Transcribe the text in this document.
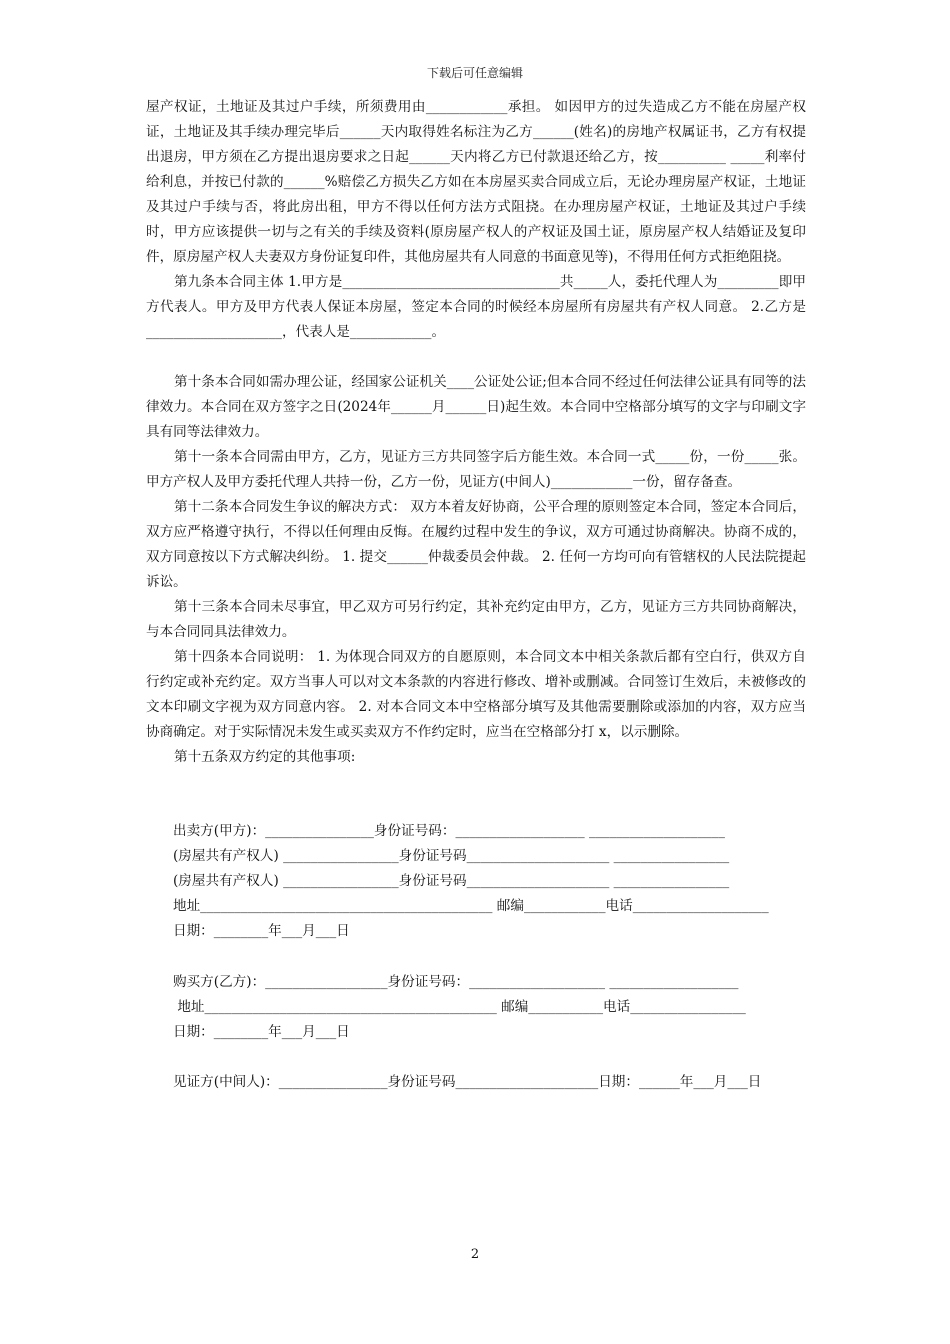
下载后可任意编辑

屋产权证，土地证及其过户手续，所须费用由____________承担。 如因甲方的过失造成乙方不能在房屋产权证，土地证及其手续办理完毕后______天内取得姓名标注为乙方______(姓名)的房地产权属证书，乙方有权提出退房，甲方须在乙方提出退房要求之日起______天内将乙方已付款退还给乙方，按__________ _____利率付给利息，并按已付款的______%赔偿乙方损失乙方如在本房屋买卖合同成立后，无论办理房屋产权证，土地证及其过户手续与否，将此房出租，甲方不得以任何方法方式阻挠。在办理房屋产权证，土地证及其过户手续时，甲方应该提供一切与之有关的手续及资料(原房屋产权人的产权证及国土证，原房屋产权人结婚证及复印件，原房屋产权人夫妻双方身份证复印件，其他房屋共有人同意的书面意见等)，不得用任何方式拒绝阻挠。

第九条本合同主体 1.甲方是________________________________共_____人，委托代理人为_________即甲方代表人。甲方及甲方代表人保证本房屋，签定本合同的时候经本房屋所有房屋共有产权人同意。 2.乙方是____________________，代表人是____________。

第十条本合同如需办理公证，经国家公证机关____公证处公证;但本合同不经过任何法律公证具有同等的法律效力。本合同在双方签字之日(2024年______月______日)起生效。本合同中空格部分填写的文字与印刷文字具有同等法律效力。

第十一条本合同需由甲方，乙方，见证方三方共同签字后方能生效。本合同一式_____份，一份_____张。甲方产权人及甲方委托代理人共持一份，乙方一份，见证方(中间人)____________一份，留存备查。

第十二条本合同发生争议的解决方式： 双方本着友好协商，公平合理的原则签定本合同，签定本合同后，双方应严格遵守执行，不得以任何理由反悔。在履约过程中发生的争议，双方可通过协商解决。协商不成的，双方同意按以下方式解决纠纷。 1. 提交______仲裁委员会仲裁。 2. 任何一方均可向有管辖权的人民法院提起诉讼。

第十三条本合同未尽事宜，甲乙双方可另行约定，其补充约定由甲方，乙方，见证方三方共同协商解决，与本合同同具法律效力。

第十四条本合同说明： 1. 为体现合同双方的自愿原则，本合同文本中相关条款后都有空白行，供双方自行约定或补充约定。双方当事人可以对文本条款的内容进行修改、增补或删减。合同签订生效后，未被修改的文本印刷文字视为双方同意内容。 2. 对本合同文本中空格部分填写及其他需要删除或添加的内容，双方应当协商确定。对于实际情况未发生或买卖双方不作约定时，应当在空格部分打 x，以示删除。

第十五条双方约定的其他事项:

出卖方(甲方)：________________身份证号码：___________________ ____________________
(房屋共有产权人) _________________身份证号码_____________________ _________________
(房屋共有产权人) _________________身份证号码_____________________ _________________
地址___________________________________________ 邮编____________电话____________________
日期：________年___月___日
购买方(乙方)：__________________身份证号码：____________________ ___________________
地址___________________________________________ 邮编___________电话_________________
日期：________年___月___日
见证方(中间人)：________________身份证号码_____________________日期：______年___月___日
2
